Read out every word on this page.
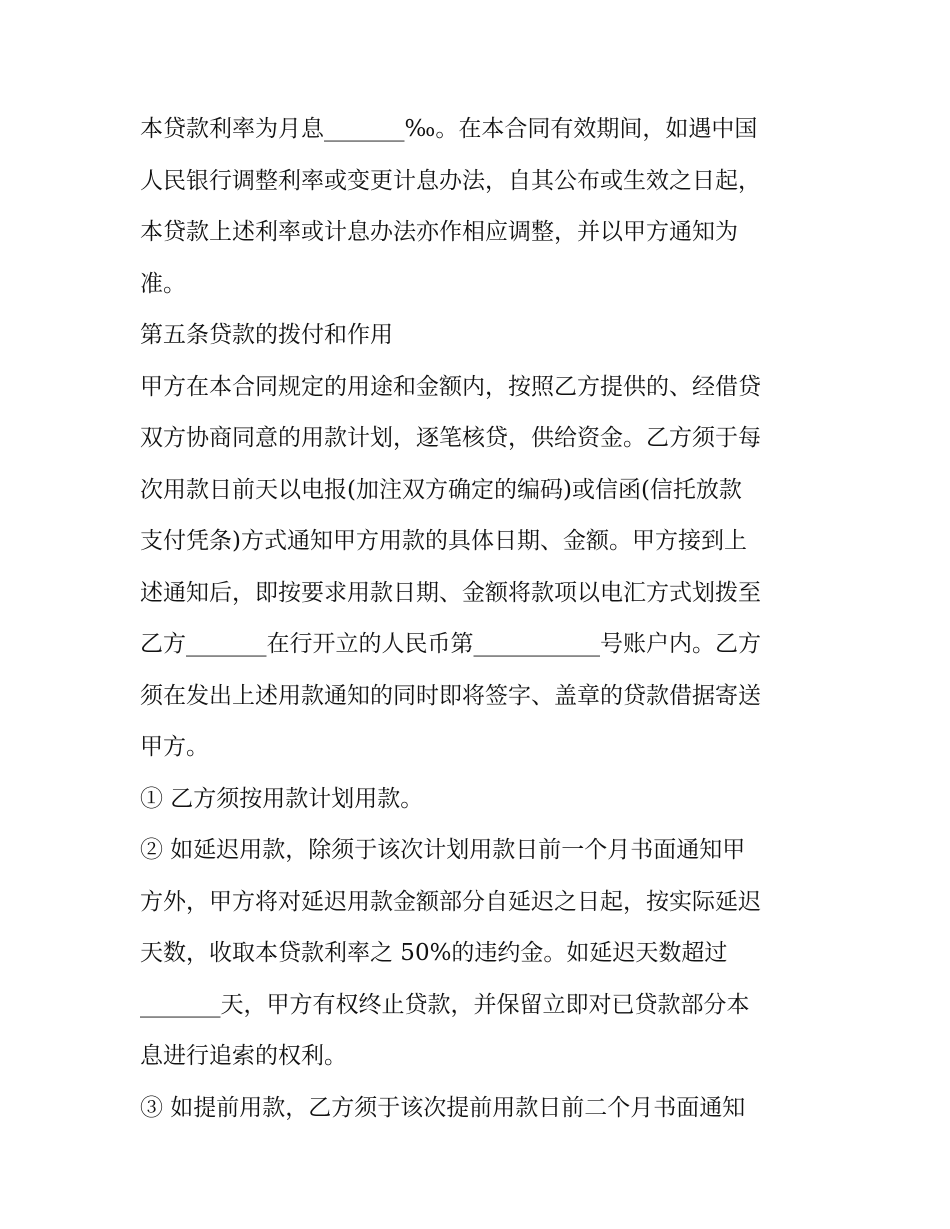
本贷款利率为月息_______‰。在本合同有效期间，如遇中国
人民银行调整利率或变更计息办法，自其公布或生效之日起，
本贷款上述利率或计息办法亦作相应调整，并以甲方通知为
准。
第五条贷款的拨付和作用
甲方在本合同规定的用途和金额内，按照乙方提供的、经借贷
双方协商同意的用款计划，逐笔核贷，供给资金。乙方须于每
次用款日前天以电报(加注双方确定的编码)或信函(信托放款
支付凭条)方式通知甲方用款的具体日期、金额。甲方接到上
述通知后，即按要求用款日期、金额将款项以电汇方式划拨至
乙方_______在行开立的人民币第___________号账户内。乙方
须在发出上述用款通知的同时即将签字、盖章的贷款借据寄送
甲方。
① 乙方须按用款计划用款。
② 如延迟用款，除须于该次计划用款日前一个月书面通知甲
方外，甲方将对延迟用款金额部分自延迟之日起，按实际延迟
天数，收取本贷款利率之 50%的违约金。如延迟天数超过
_______天，甲方有权终止贷款，并保留立即对已贷款部分本
息进行追索的权利。
③ 如提前用款，乙方须于该次提前用款日前二个月书面通知
